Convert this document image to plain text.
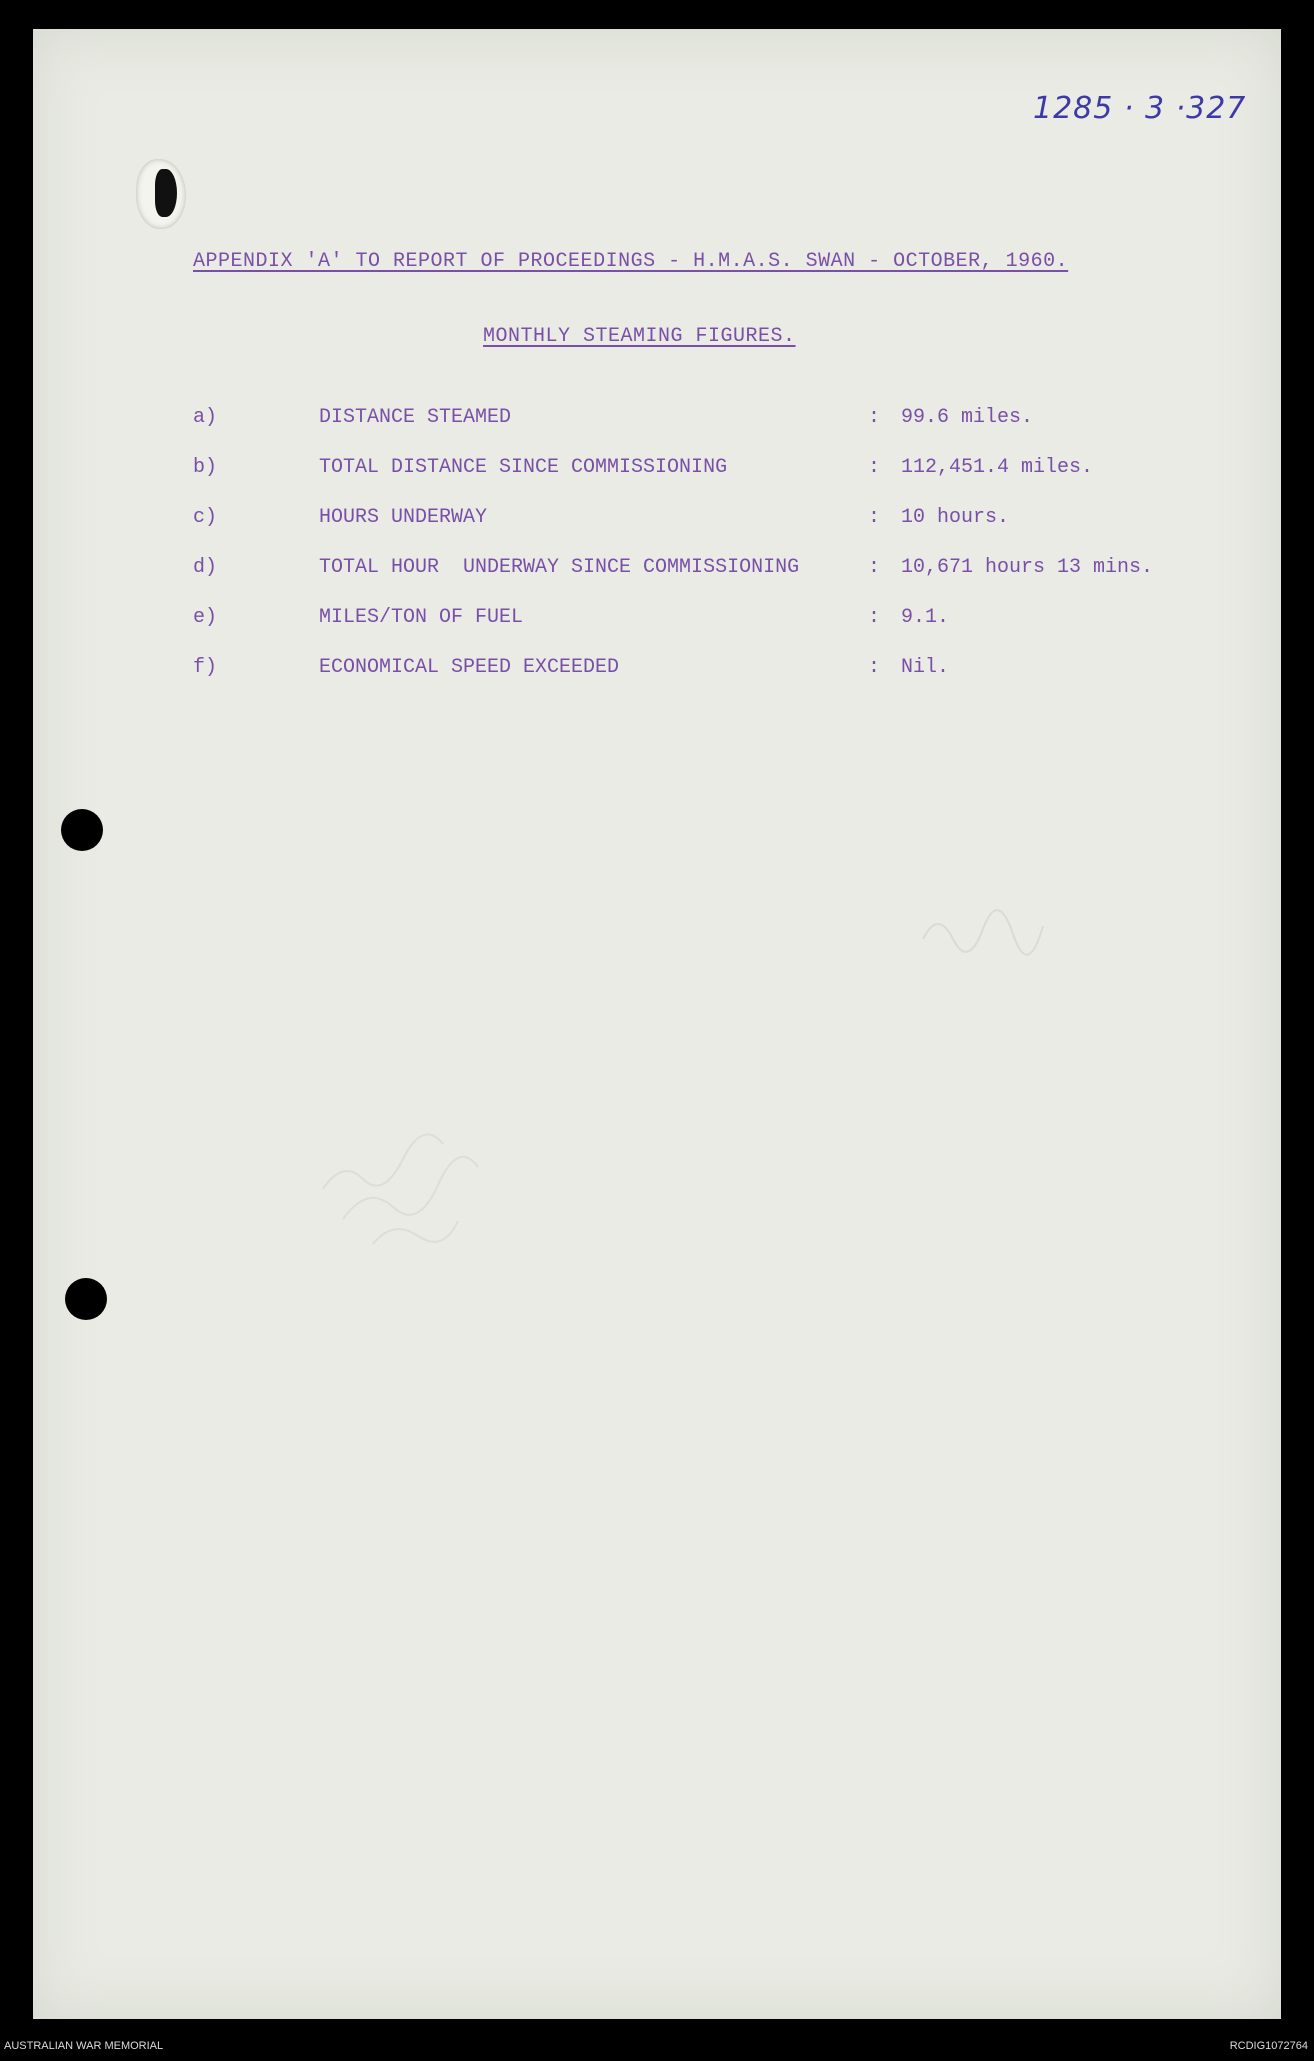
1285 · 3 ·327
APPENDIX 'A' TO REPORT OF PROCEEDINGS - H.M.A.S. SWAN - OCTOBER, 1960.
MONTHLY STEAMING FIGURES.
a)	DISTANCE STEAMED	: 99.6 miles.
b)	TOTAL DISTANCE SINCE COMMISSIONING	: 112,451.4 miles.
c)	HOURS UNDERWAY	: 10 hours.
d)	TOTAL HOUR  UNDERWAY SINCE COMMISSIONING	: 10,671 hours 13 mins.
e)	MILES/TON OF FUEL	: 9.1.
f)	ECONOMICAL SPEED EXCEEDED	: Nil.
AUSTRALIAN WAR MEMORIAL	RCDIG1072764
